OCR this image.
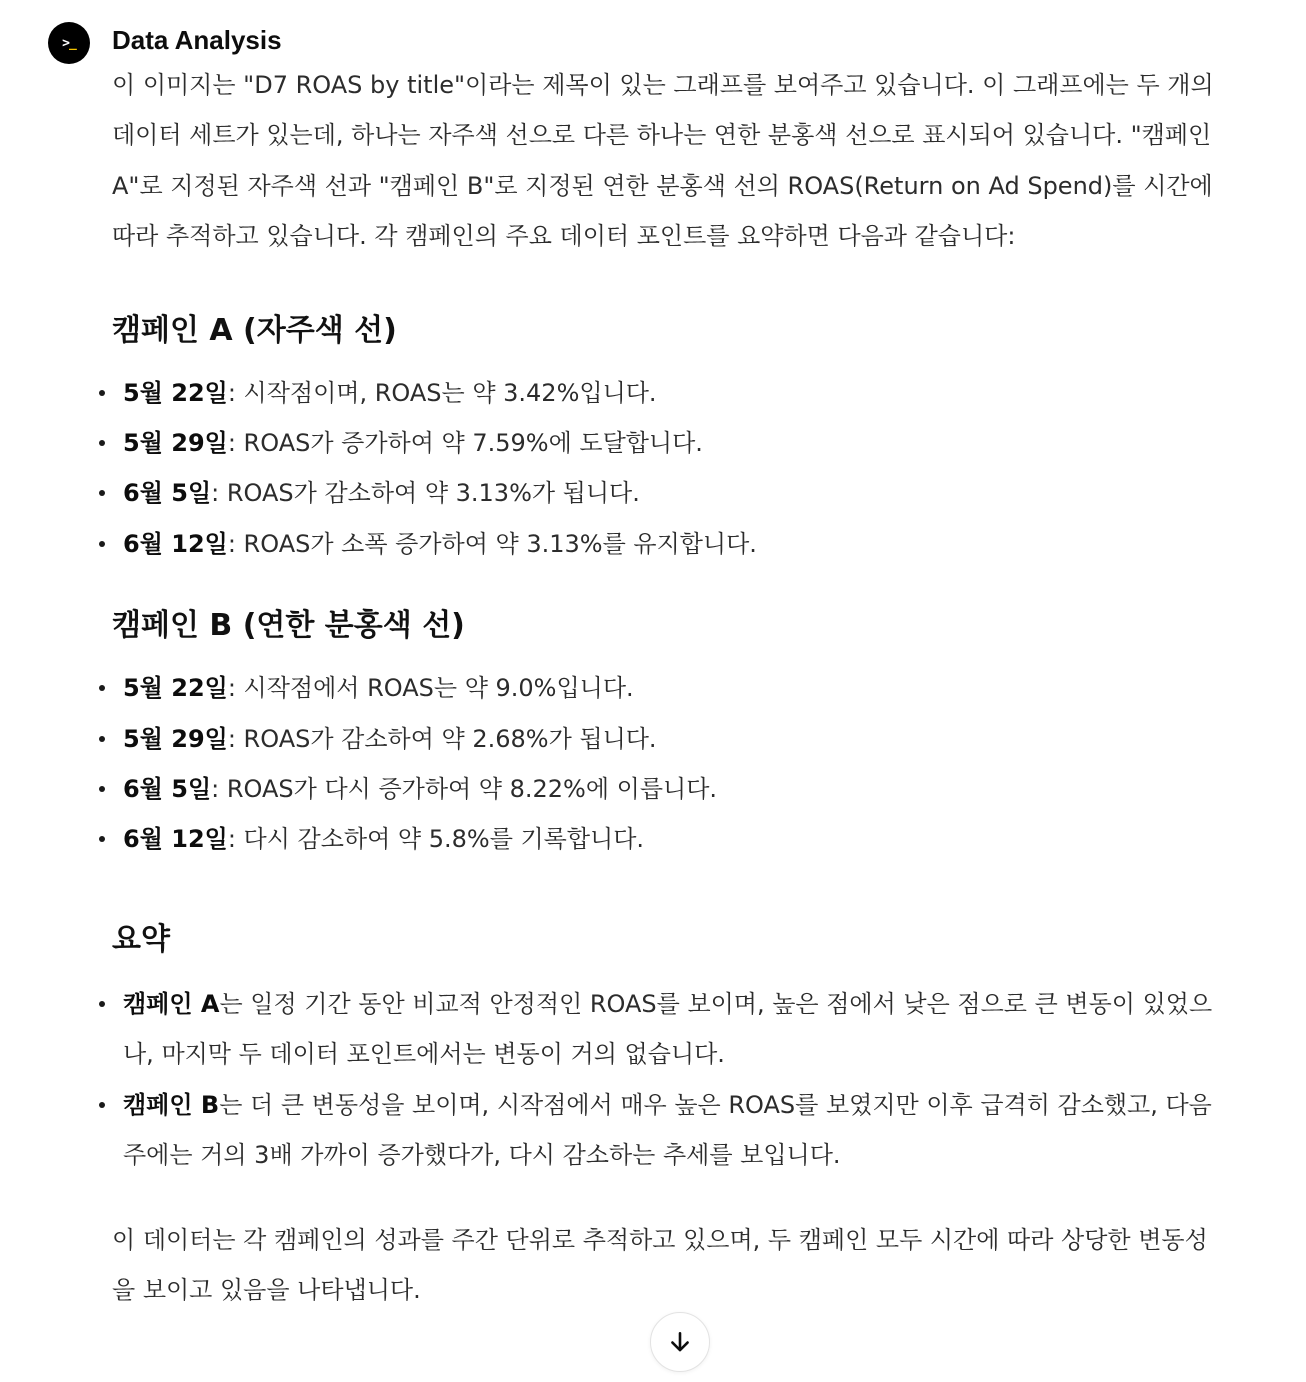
>_ Data Analysis

이 이미지는 "D7 ROAS by title"이라는 제목이 있는 그래프를 보여주고 있습니다. 이 그래프에는 두 개의 데이터 세트가 있는데, 하나는 자주색 선으로 다른 하나는 연한 분홍색 선으로 표시되어 있습니다. "캠페인 A"로 지정된 자주색 선과 "캠페인 B"로 지정된 연한 분홍색 선의 ROAS(Return on Ad Spend)를 시간에 따라 추적하고 있습니다. 각 캠페인의 주요 데이터 포인트를 요약하면 다음과 같습니다:

캠페인 A (자주색 선)
5월 22일: 시작점이며, ROAS는 약 3.42%입니다.
5월 29일: ROAS가 증가하여 약 7.59%에 도달합니다.
6월 5일: ROAS가 감소하여 약 3.13%가 됩니다.
6월 12일: ROAS가 소폭 증가하여 약 3.13%를 유지합니다.
캠페인 B (연한 분홍색 선)
5월 22일: 시작점에서 ROAS는 약 9.0%입니다.
5월 29일: ROAS가 감소하여 약 2.68%가 됩니다.
6월 5일: ROAS가 다시 증가하여 약 8.22%에 이릅니다.
6월 12일: 다시 감소하여 약 5.8%를 기록합니다.
요약
캠페인 A는 일정 기간 동안 비교적 안정적인 ROAS를 보이며, 높은 점에서 낮은 점으로 큰 변동이 있었으나, 마지막 두 데이터 포인트에서는 변동이 거의 없습니다.
캠페인 B는 더 큰 변동성을 보이며, 시작점에서 매우 높은 ROAS를 보였지만 이후 급격히 감소했고, 다음 주에는 거의 3배 가까이 증가했다가, 다시 감소하는 추세를 보입니다.

이 데이터는 각 캠페인의 성과를 주간 단위로 추적하고 있으며, 두 캠페인 모두 시간에 따라 상당한 변동성을 보이고 있음을 나타냅니다.
